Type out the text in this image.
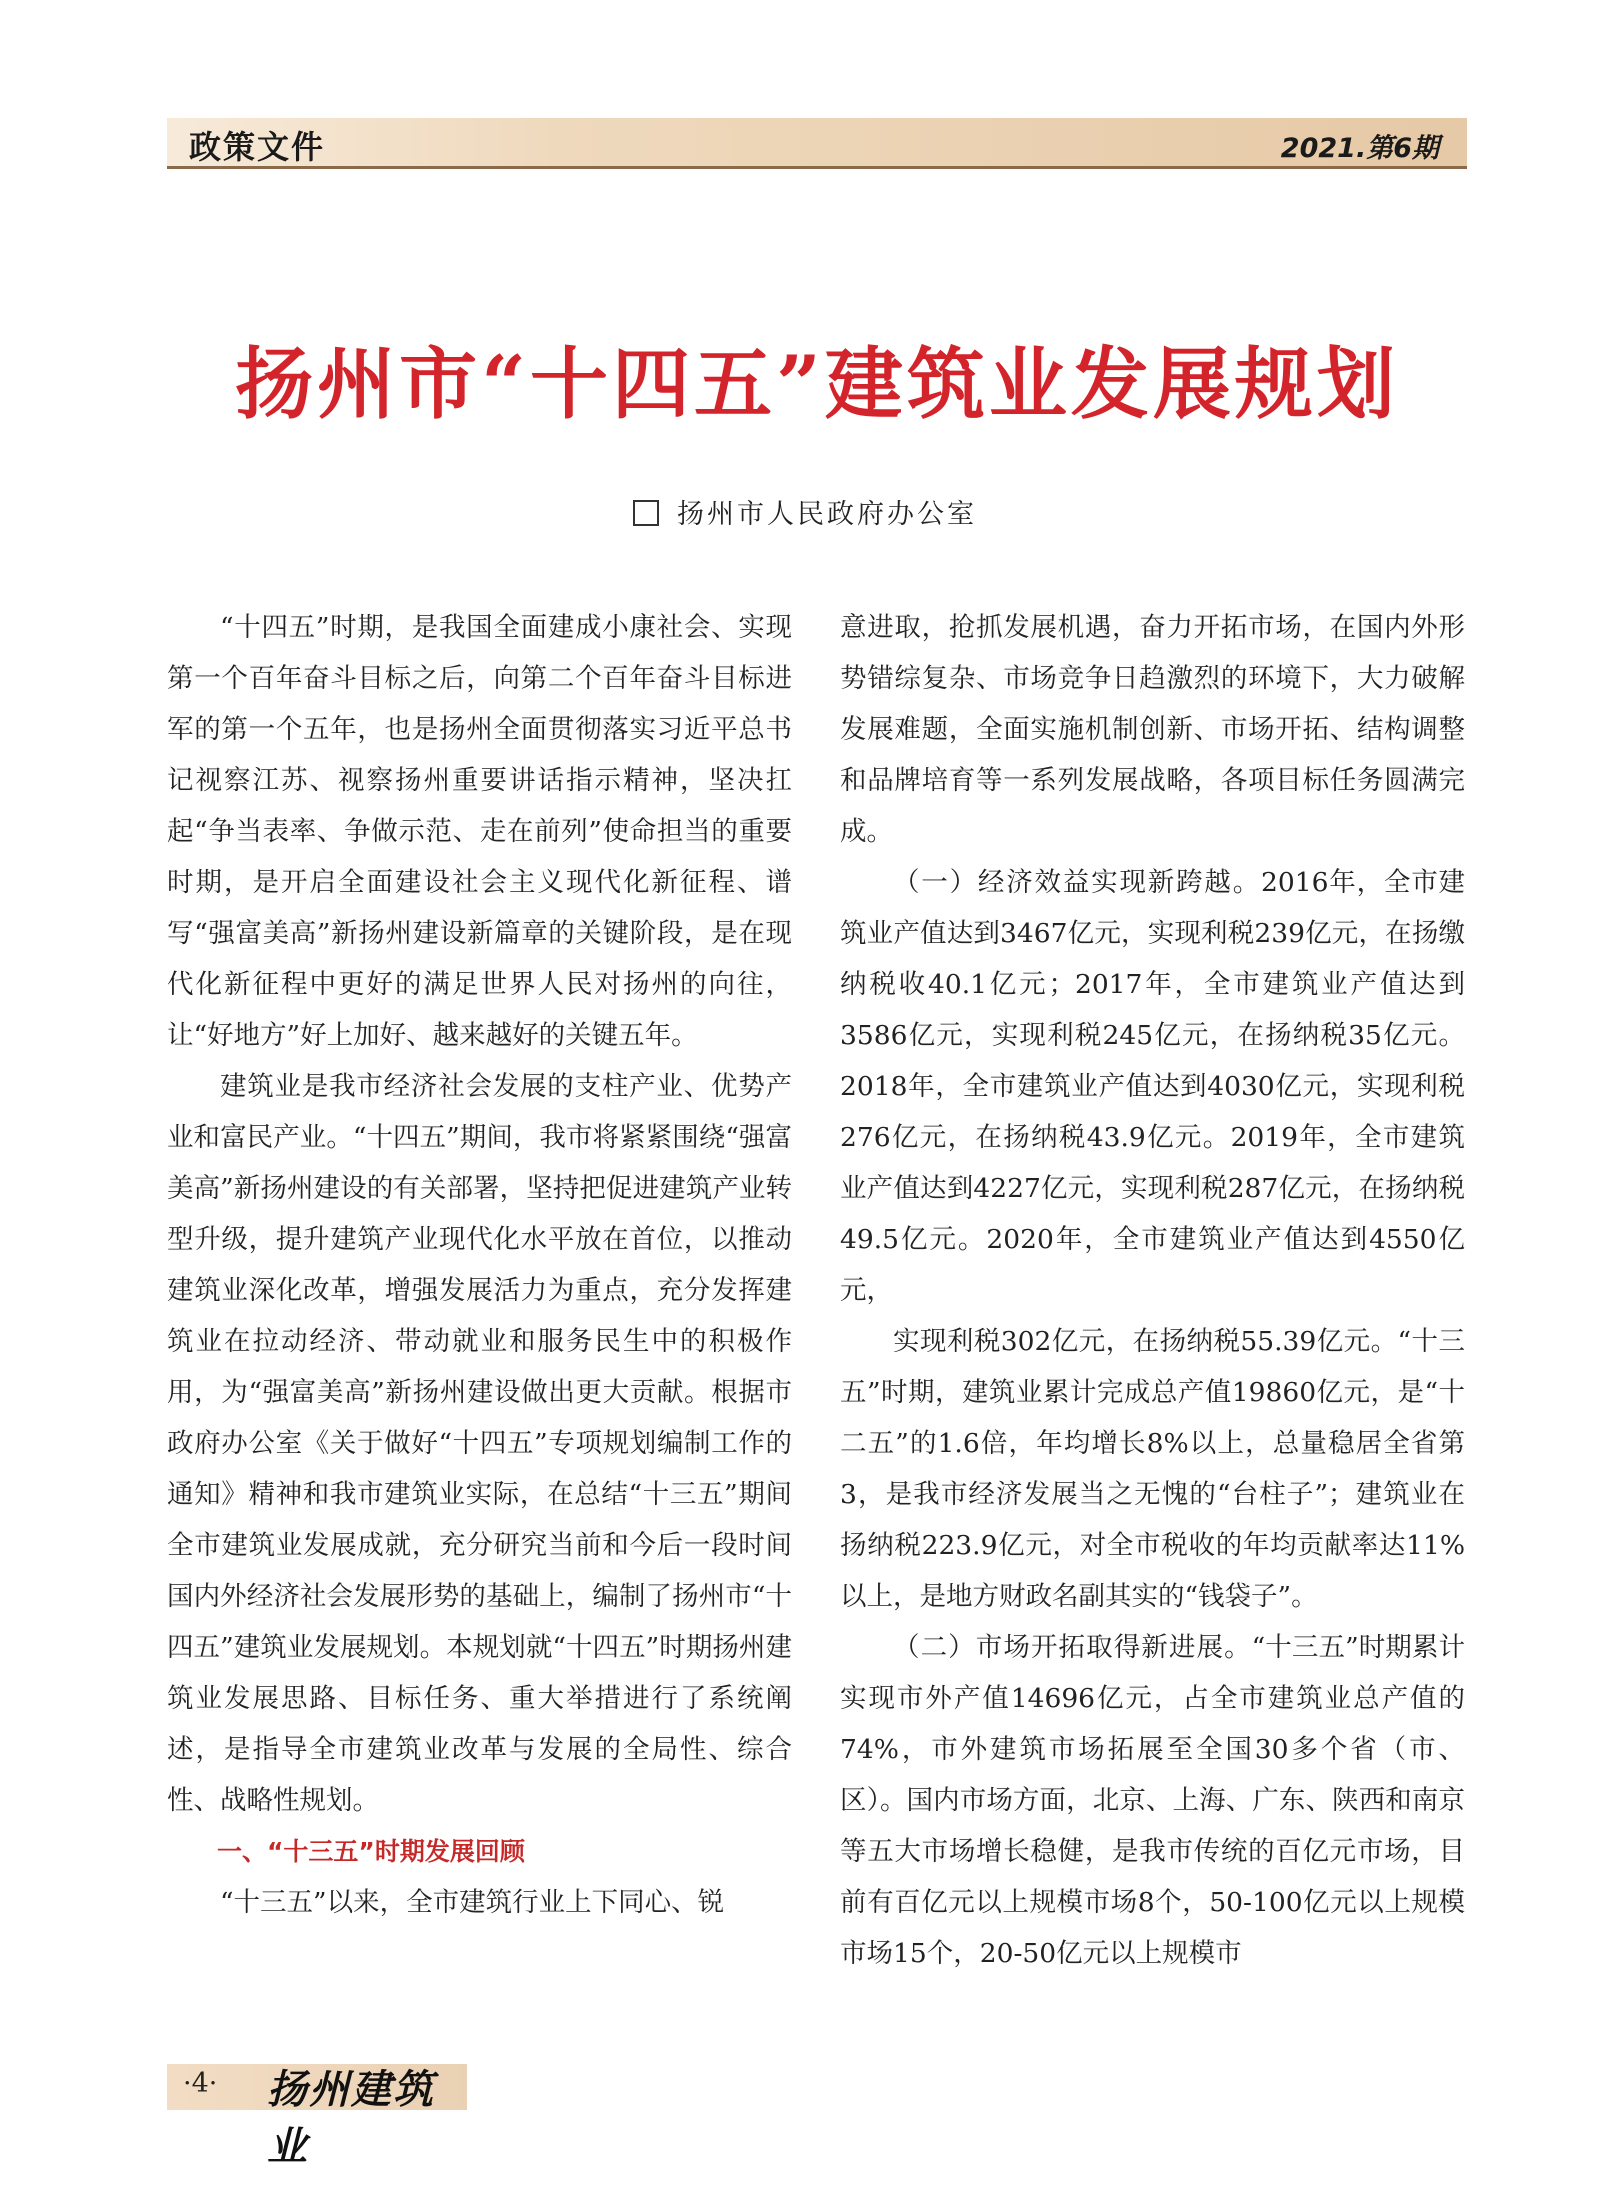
政策文件	2021.第6期
扬州市“十四五”建筑业发展规划
扬州市人民政府办公室

“十四五”时期，是我国全面建成小康社会、实现第一个百年奋斗目标之后，向第二个百年奋斗目标进军的第一个五年，也是扬州全面贯彻落实习近平总书记视察江苏、视察扬州重要讲话指示精神，坚决扛起“争当表率、争做示范、走在前列”使命担当的重要时期，是开启全面建设社会主义现代化新征程、谱写“强富美高”新扬州建设新篇章的关键阶段，是在现代化新征程中更好的满足世界人民对扬州的向往，让“好地方”好上加好、越来越好的关键五年。

建筑业是我市经济社会发展的支柱产业、优势产业和富民产业。“十四五”期间，我市将紧紧围绕“强富美高”新扬州建设的有关部署，坚持把促进建筑产业转型升级，提升建筑产业现代化水平放在首位，以推动建筑业深化改革，增强发展活力为重点，充分发挥建筑业在拉动经济、带动就业和服务民生中的积极作用，为“强富美高”新扬州建设做出更大贡献。根据市政府办公室《关于做好“十四五”专项规划编制工作的通知》精神和我市建筑业实际，在总结“十三五”期间全市建筑业发展成就，充分研究当前和今后一段时间国内外经济社会发展形势的基础上，编制了扬州市“十四五”建筑业发展规划。本规划就“十四五”时期扬州建筑业发展思路、目标任务、重大举措进行了系统阐述，是指导全市建筑业改革与发展的全局性、综合性、战略性规划。

一、“十三五”时期发展回顾

“十三五”以来，全市建筑行业上下同心、锐

意进取，抢抓发展机遇，奋力开拓市场，在国内外形势错综复杂、市场竞争日趋激烈的环境下，大力破解发展难题，全面实施机制创新、市场开拓、结构调整和品牌培育等一系列发展战略，各项目标任务圆满完成。

（一）经济效益实现新跨越。2016年，全市建筑业产值达到3467亿元，实现利税239亿元，在扬缴纳税收40.1亿元；2017年，全市建筑业产值达到3586亿元，实现利税245亿元，在扬纳税35亿元。2018年，全市建筑业产值达到4030亿元，实现利税276亿元，在扬纳税43.9亿元。2019年，全市建筑业产值达到4227亿元，实现利税287亿元，在扬纳税49.5亿元。2020年，全市建筑业产值达到4550亿元，

实现利税302亿元，在扬纳税55.39亿元。“十三五”时期，建筑业累计完成总产值19860亿元，是“十二五”的1.6倍，年均增长8%以上，总量稳居全省第3，是我市经济发展当之无愧的“台柱子”；建筑业在扬纳税223.9亿元，对全市税收的年均贡献率达11%以上，是地方财政名副其实的“钱袋子”。

（二）市场开拓取得新进展。“十三五”时期累计实现市外产值14696亿元，占全市建筑业总产值的74%，市外建筑市场拓展至全国30多个省（市、区）。国内市场方面，北京、上海、广东、陕西和南京等五大市场增长稳健，是我市传统的百亿元市场，目前有百亿元以上规模市场8个，50-100亿元以上规模市场15个，20-50亿元以上规模市

·4· 扬州建筑业
